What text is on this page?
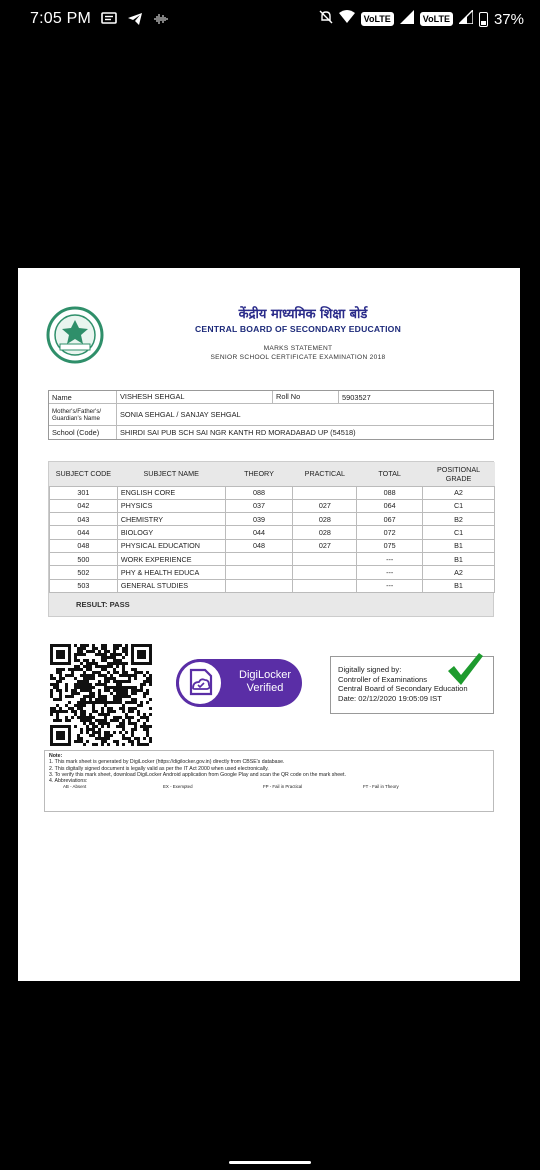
7:05 PM	VoLTE	VoLTE	37%
केंद्रीय माध्यमिक शिक्षा बोर्ड
CENTRAL BOARD OF SECONDARY EDUCATION
MARKS STATEMENT
SENIOR SCHOOL CERTIFICATE EXAMINATION 2018
Name	VISHESH SEHGAL	Roll No	5903527
Mother's/Father's/ Guardian's Name	SONIA SEHGAL / SANJAY SEHGAL
School (Code)	SHIRDI SAI PUB SCH SAI NGR KANTH RD MORADABAD UP (54518)
SUBJECT CODE	SUBJECT NAME	THEORY	PRACTICAL	TOTAL	POSITIONAL GRADE
301	ENGLISH CORE	088		088	A2
042	PHYSICS	037	027	064	C1
043	CHEMISTRY	039	028	067	B2
044	BIOLOGY	044	028	072	C1
048	PHYSICAL EDUCATION	048	027	075	B1
500	WORK EXPERIENCE			---	B1
502	PHY & HEALTH EDUCA			---	A2
503	GENERAL STUDIES			---	B1
RESULT: PASS
DigiLocker
Verified
Digitally signed by:
Controller of Examinations
Central Board of Secondary Education
Date: 02/12/2020 19:05:09 IST
Note:
1. This mark sheet is generated by DigiLocker (https://digilocker.gov.in) directly from CBSE's database.
2. This digitally signed document is legally valid as per the IT Act 2000 when used electronically.
3. To verify this mark sheet, download DigiLocker Android application from Google Play and scan the QR code on the mark sheet.
4. Abbreviations:
AB - Absent	EX - Exempted	FP - Fail in Practical	FT - Fail in Theory
